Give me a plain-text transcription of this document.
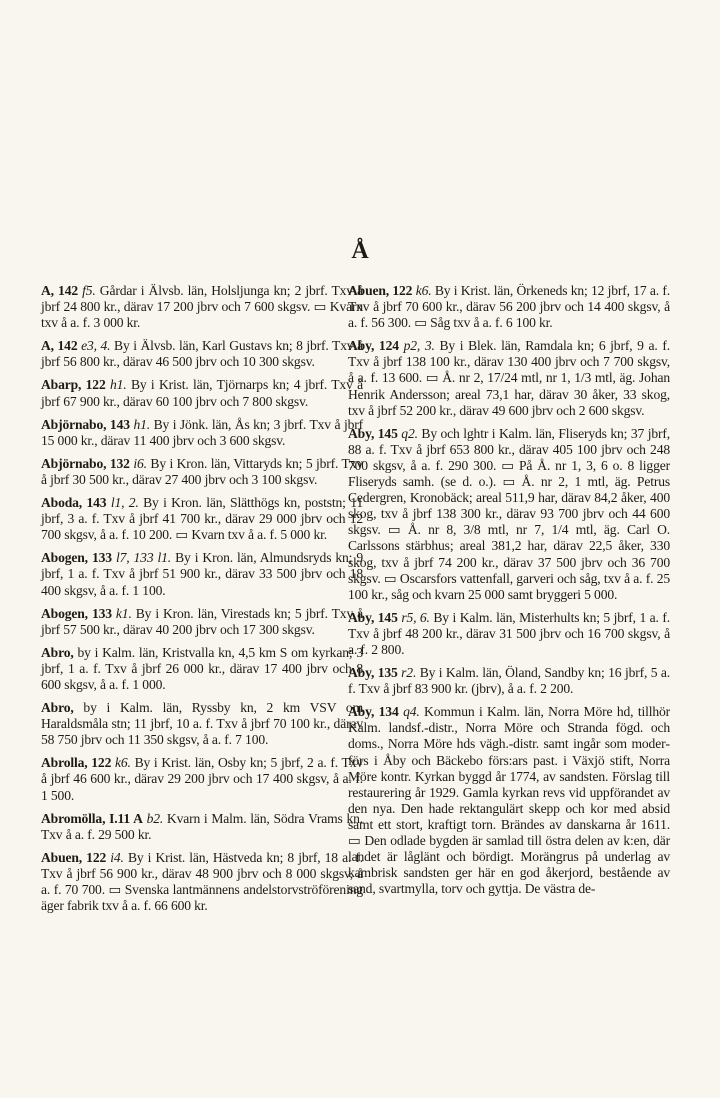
Å

A, 142 f5. Gårdar i Älvsb. län, Holsljunga kn; 2 jbrf. Txv å jbrf 24 800 kr., därav 17 200 jbrv och 7 600 skgsv. ▭ Kvarn txv å a. f. 3 000 kr.

A, 142 e3, 4. By i Älvsb. län, Karl Gustavs kn; 8 jbrf. Txv å jbrf 56 800 kr., därav 46 500 jbrv och 10 300 skgsv.

Abarp, 122 h1. By i Krist. län, Tjörnarps kn; 4 jbrf. Txv å jbrf 67 900 kr., därav 60 100 jbrv och 7 800 skgsv.

Abjörnabo, 143 h1. By i Jönk. län, Ås kn; 3 jbrf. Txv å jbrf 15 000 kr., därav 11 400 jbrv och 3 600 skgsv.

Abjörnabo, 132 i6. By i Kron. län, Vittaryds kn; 5 jbrf. Txv å jbrf 30 500 kr., därav 27 400 jbrv och 3 100 skgsv.

Aboda, 143 l1, 2. By i Kron. län, Slätthögs kn, poststn; 11 jbrf, 3 a. f. Txv å jbrf 41 700 kr., därav 29 000 jbrv och 12 700 skgsv, å a. f. 10 200. ▭ Kvarn txv å a. f. 5 000 kr.

Abogen, 133 l7, 133 l1. By i Kron. län, Almundsryds kn; 9 jbrf, 1 a. f. Txv å jbrf 51 900 kr., därav 33 500 jbrv och 18 400 skgsv, å a. f. 1 100.

Abogen, 133 k1. By i Kron. län, Virestads kn; 5 jbrf. Txv å jbrf 57 500 kr., därav 40 200 jbrv och 17 300 skgsv.

Abro, by i Kalm. län, Kristvalla kn, 4,5 km S om kyrkan; 3 jbrf, 1 a. f. Txv å jbrf 26 000 kr., därav 17 400 jbrv och 8 600 skgsv, å a. f. 1 000.

Abro, by i Kalm. län, Ryssby kn, 2 km VSV om Haraldsmåla stn; 11 jbrf, 10 a. f. Txv å jbrf 70 100 kr., därav 58 750 jbrv och 11 350 skgsv, å a. f. 7 100.

Abrolla, 122 k6. By i Krist. län, Osby kn; 5 jbrf, 2 a. f. Txv å jbrf 46 600 kr., därav 29 200 jbrv och 17 400 skgsv, å a. f. 1 500.

Abromölla, I.11 A b2. Kvarn i Malm. län, Södra Vrams kn. Txv å a. f. 29 500 kr.

Abuen, 122 i4. By i Krist. län, Hästveda kn; 8 jbrf, 18 a. f. Txv å jbrf 56 900 kr., därav 48 900 jbrv och 8 000 skgsv, å a. f. 70 700. ▭ Svenska lantmännens andelstorvströförening äger fabrik txv å a. f. 66 600 kr.

Abuen, 122 k6. By i Krist. län, Örkeneds kn; 12 jbrf, 17 a. f. Txv å jbrf 70 600 kr., därav 56 200 jbrv och 14 400 skgsv, å a. f. 56 300. ▭ Såg txv å a. f. 6 100 kr.

Aby, 124 p2, 3. By i Blek. län, Ramdala kn; 6 jbrf, 9 a. f. Txv å jbrf 138 100 kr., därav 130 400 jbrv och 7 700 skgsv, å a. f. 13 600. ▭ Å. nr 2, 17/24 mtl, nr 1, 1/3 mtl, äg. Johan Henrik Andersson; areal 73,1 har, därav 30 åker, 33 skog, txv å jbrf 52 200 kr., därav 49 600 jbrv och 2 600 skgsv.

Aby, 145 q2. By och lghtr i Kalm. län, Fliseryds kn; 37 jbrf, 88 a. f. Txv å jbrf 653 800 kr., därav 405 100 jbrv och 248 700 skgsv, å a. f. 290 300. ▭ På Å. nr 1, 3, 6 o. 8 ligger Fliseryds samh. (se d. o.). ▭ Å. nr 2, 1 mtl, äg. Petrus Cedergren, Kronobäck; areal 511,9 har, därav 84,2 åker, 400 skog, txv å jbrf 138 300 kr., därav 93 700 jbrv och 44 600 skgsv. ▭ Å. nr 8, 3/8 mtl, nr 7, 1/4 mtl, äg. Carl O. Carlssons stärbhus; areal 381,2 har, därav 22,5 åker, 330 skog, txv å jbrf 74 200 kr., därav 37 500 jbrv och 36 700 skgsv. ▭ Oscarsfors vattenfall, garveri och såg, txv å a. f. 25 100 kr., såg och kvarn 25 000 samt bryggeri 5 000.

Aby, 145 r5, 6. By i Kalm. län, Misterhults kn; 5 jbrf, 1 a. f. Txv å jbrf 48 200 kr., därav 31 500 jbrv och 16 700 skgsv, å a. f. 2 800.

Aby, 135 r2. By i Kalm. län, Öland, Sandby kn; 16 jbrf, 5 a. f. Txv å jbrf 83 900 kr. (jbrv), å a. f. 2 200.

Aby, 134 q4. Kommun i Kalm. län, Norra Möre hd, tillhör Kalm. landsf.-distr., Norra Möre och Stranda fögd. och doms., Norra Möre hds vägh.-distr. samt ingår som moderförs i Åby och Bäckebo förs:ars past. i Växjö stift, Norra Möre kontr. Kyrkan byggd år 1774, av sandsten. Förslag till restaurering år 1929. Gamla kyrkan revs vid uppförandet av den nya. Den hade rektangulärt skepp och kor med absid samt ett stort, kraftigt torn. Brändes av danskarna år 1611. ▭ Den odlade bygden är samlad till östra delen av k:en, där landet är låglänt och bördigt. Morängrus på underlag av kambrisk sandsten ger här en god åkerjord, bestående av sand, svartmylla, torv och gyttja. De västra de-
